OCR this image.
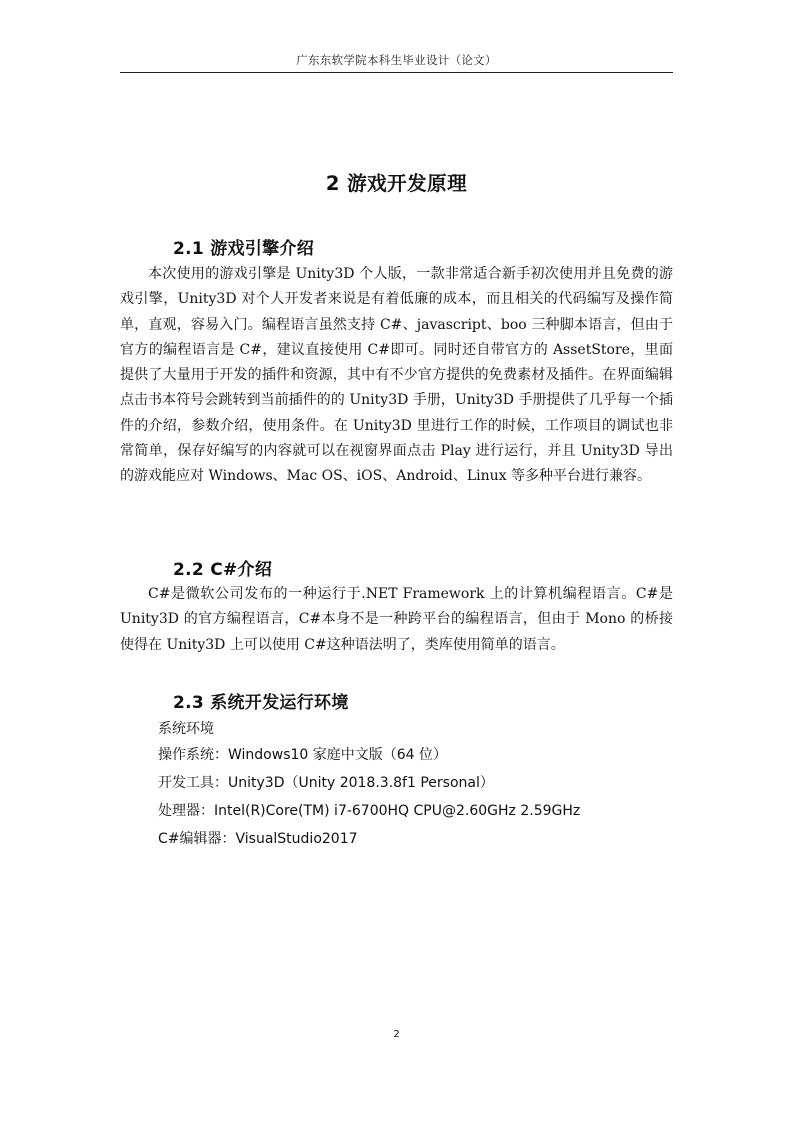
广东东软学院本科生毕业设计（论文）
2 游戏开发原理
2.1 游戏引擎介绍
本次使用的游戏引擎是 Unity3D 个人版，一款非常适合新手初次使用并且免费的游戏引擎，Unity3D 对个人开发者来说是有着低廉的成本，而且相关的代码编写及操作简单，直观，容易入门。编程语言虽然支持 C#、javascript、boo 三种脚本语言，但由于官方的编程语言是 C#，建议直接使用 C#即可。同时还自带官方的 AssetStore，里面提供了大量用于开发的插件和资源，其中有不少官方提供的免费素材及插件。在界面编辑点击书本符号会跳转到当前插件的的 Unity3D 手册，Unity3D 手册提供了几乎每一个插件的介绍，参数介绍，使用条件。在 Unity3D 里进行工作的时候，工作项目的调试也非常简单，保存好编写的内容就可以在视窗界面点击 Play 进行运行，并且 Unity3D 导出的游戏能应对 Windows、Mac OS、iOS、Android、Linux 等多种平台进行兼容。
2.2 C#介绍
C#是微软公司发布的一种运行于.NET Framework 上的计算机编程语言。C#是 Unity3D 的官方编程语言，C#本身不是一种跨平台的编程语言，但由于 Mono 的桥接使得在 Unity3D 上可以使用 C#这种语法明了，类库使用简单的语言。
2.3 系统开发运行环境
系统环境
操作系统：Windows10 家庭中文版（64 位）
开发工具：Unity3D（Unity 2018.3.8f1 Personal）
处理器：Intel(R)Core(TM) i7-6700HQ CPU@2.60GHz 2.59GHz
C#编辑器：VisualStudio2017
2
